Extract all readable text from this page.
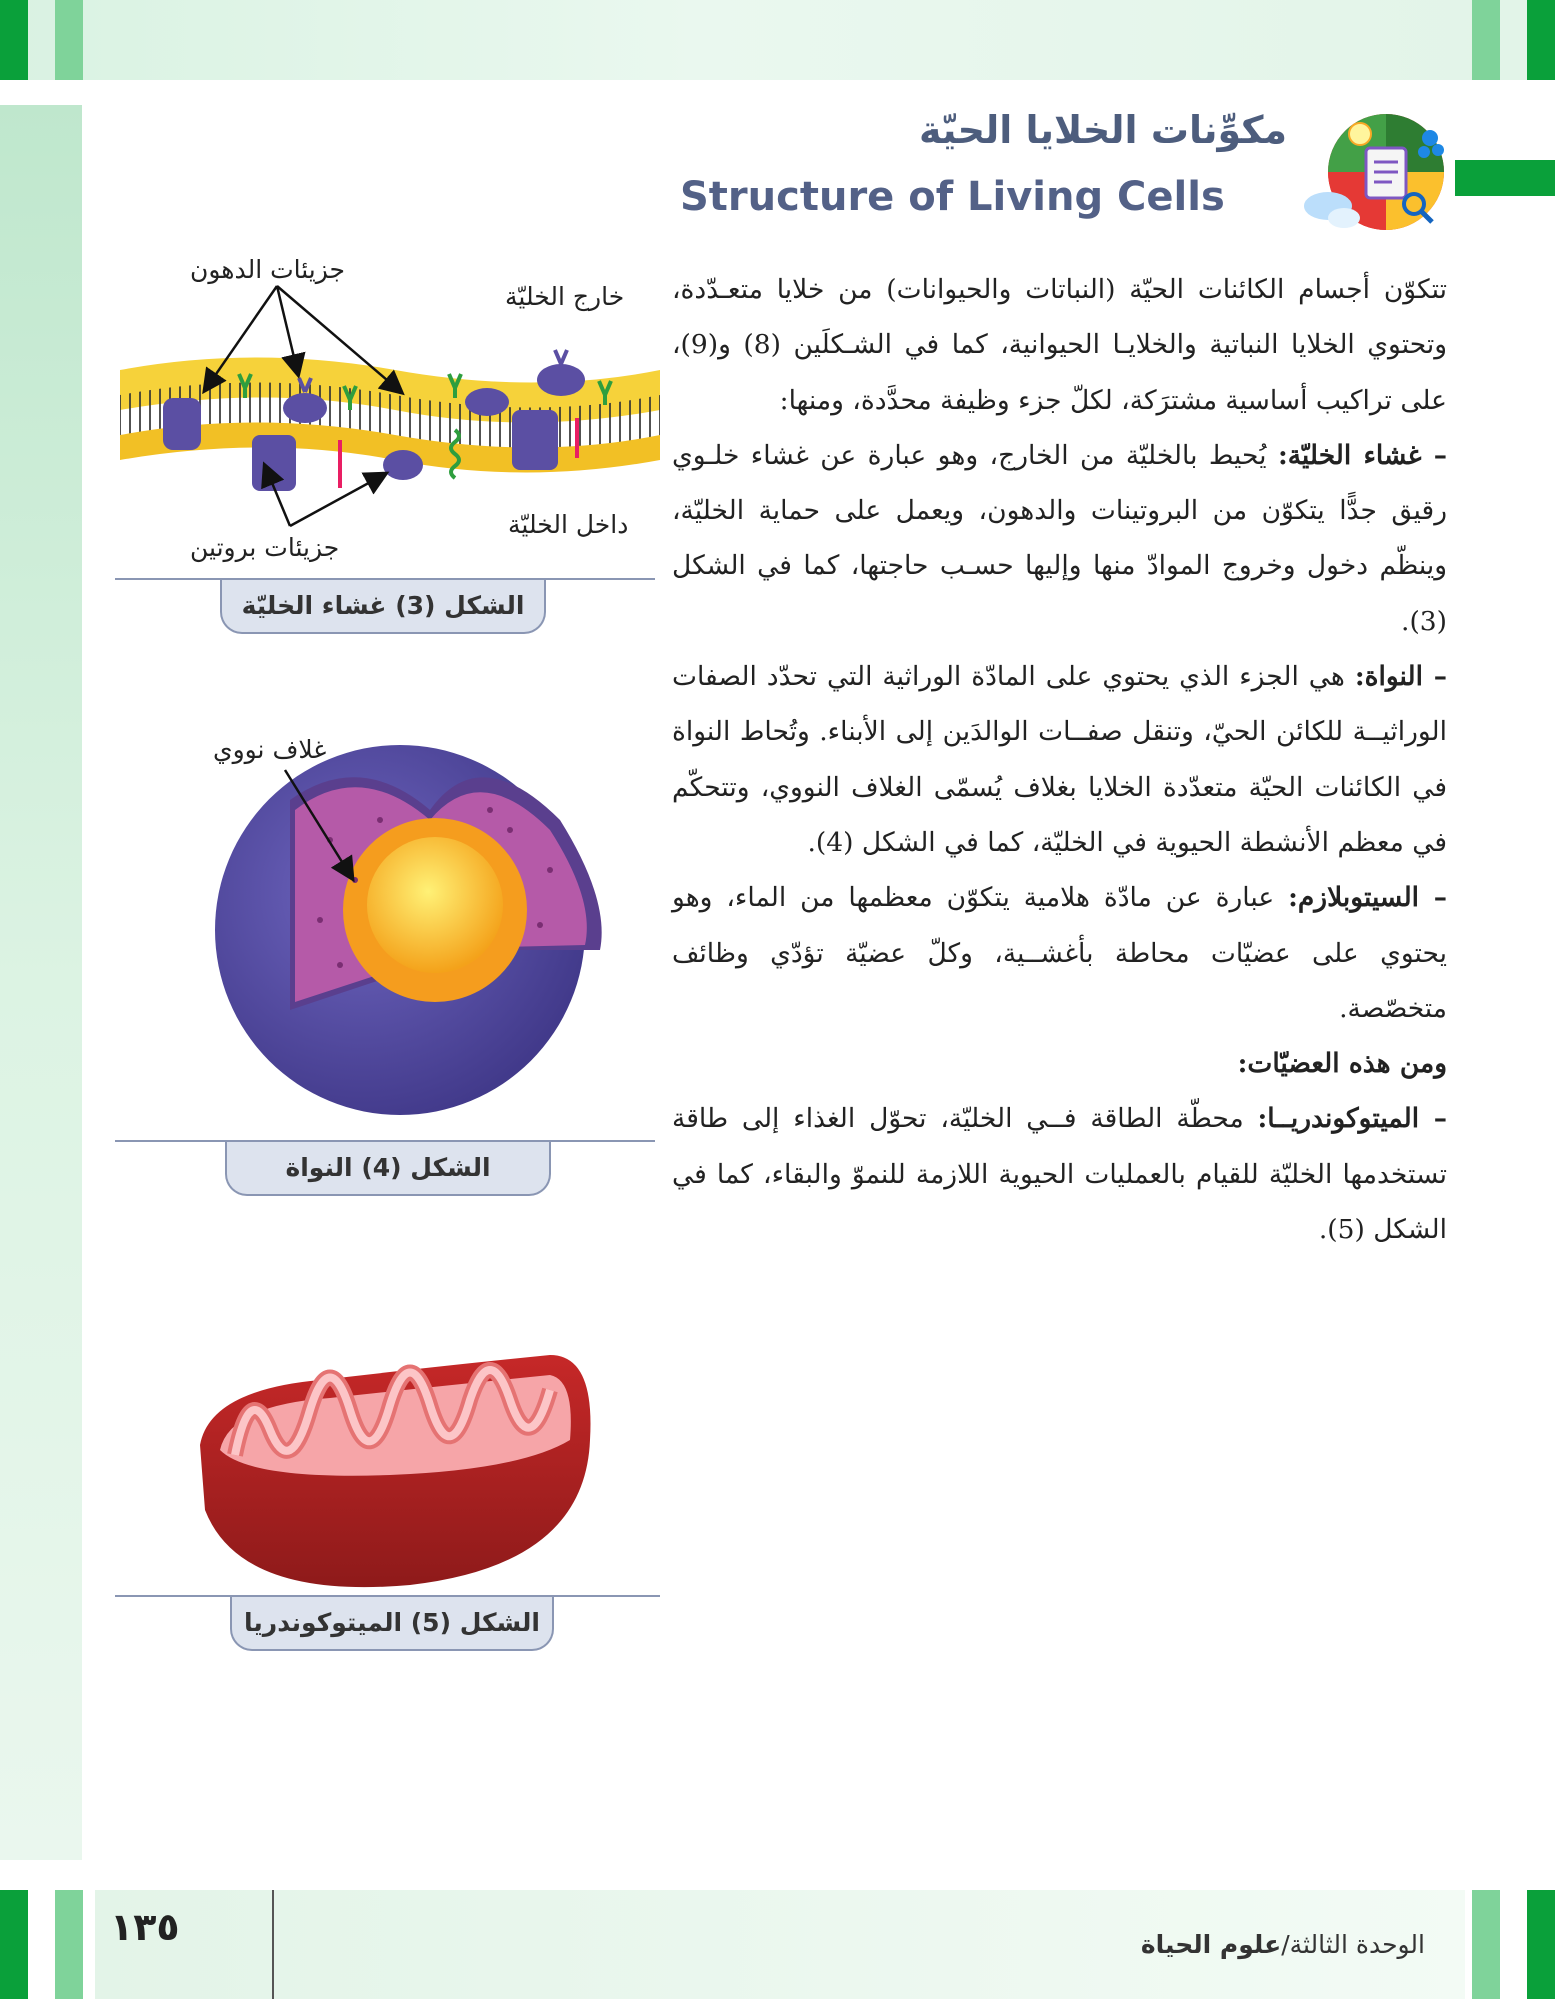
مكوِّنات الخلايا الحيّة
Structure of Living Cells

تتكوّن أجسام الكائنات الحيّة (النباتات والحيوانات) من خلايا متعـدّدة، وتحتوي الخلايا النباتية والخلايـا الحيوانية، كما في الشـكلَين (8) و(9)، على تراكيب أساسية مشترَكة، لكلّ جزء وظيفة محدَّدة، ومنها:

– غشاء الخليّة: يُحيط بالخليّة من الخارج، وهو عبارة عن غشاء خلـوي رقيق جدًّا يتكوّن من البروتينات والدهون، ويعمل على حماية الخليّة، وينظّم دخول وخروج الموادّ منها وإليها حسـب حاجتها، كما في الشكل (3).

– النواة: هي الجزء الذي يحتوي على المادّة الوراثية التي تحدّد الصفات الوراثيــة للكائن الحيّ، وتنقل صفــات الوالدَين إلى الأبناء. وتُحاط النواة في الكائنات الحيّة متعدّدة الخلايا بغلاف يُسمّى الغلاف النووي، وتتحكّم في معظم الأنشطة الحيوية في الخليّة، كما في الشكل (4).

– السيتوبلازم: عبارة عن مادّة هلامية يتكوّن معظمها من الماء، وهو يحتوي على عضيّات محاطة بأغشــية، وكلّ عضيّة تؤدّي وظائف متخصّصة.

ومن هذه العضيّات:

– الميتوكوندريــا: محطّة الطاقة فــي الخليّة، تحوّل الغذاء إلى طاقة تستخدمها الخليّة للقيام بالعمليات الحيوية اللازمة للنموّ والبقاء، كما في الشكل (5).

جزيئات الدهون
خارج الخليّة
داخل الخليّة
جزيئات بروتين
الشكل (3) غشاء الخليّة
غلاف نووي
الشكل (4) النواة
الشكل (5) الميتوكوندريا
١٣٥	الوحدة الثالثة/علوم الحياة
